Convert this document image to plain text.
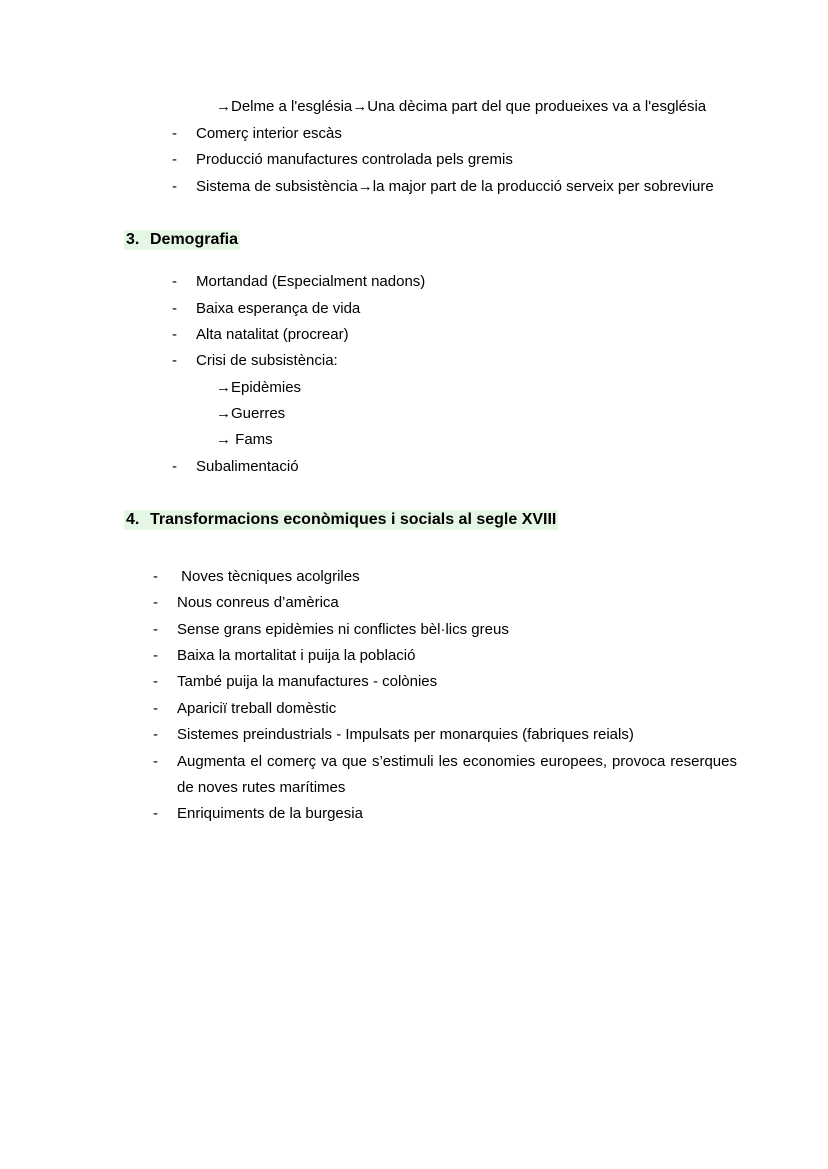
→Delme a l'església→Una dècima part del que produeixes va a l'església
-	Comerç interior escàs
-	Producció manufactures controlada pels gremis
-	Sistema de subsistència→la major part de la producció serveix per sobreviure
3. Demografia
-	Mortandad (Especialment nadons)
-	Baixa esperança de vida
-	Alta natalitat (procrear)
-	Crisi de subsistència:
→Epidèmies
→Guerres
→ Fams
-	Subalimentació
4. Transformacions econòmiques i socials al segle XVIII
-	Noves tècniques acolgriles
-	Nous conreus d’amèrica
-	Sense grans epidèmies ni conflictes bèl·lics greus
-	Baixa la mortalitat i puija la població
-	També puija la manufactures - colònies
-	Apariciï treball domèstic
-	Sistemes preindustrials - Impulsats per monarquies (fabriques reials)
-	Augmenta el comerç va que s’estimuli les economies europees, provoca reserques
de noves rutes marítimes
-	Enriquiments de la burgesia
